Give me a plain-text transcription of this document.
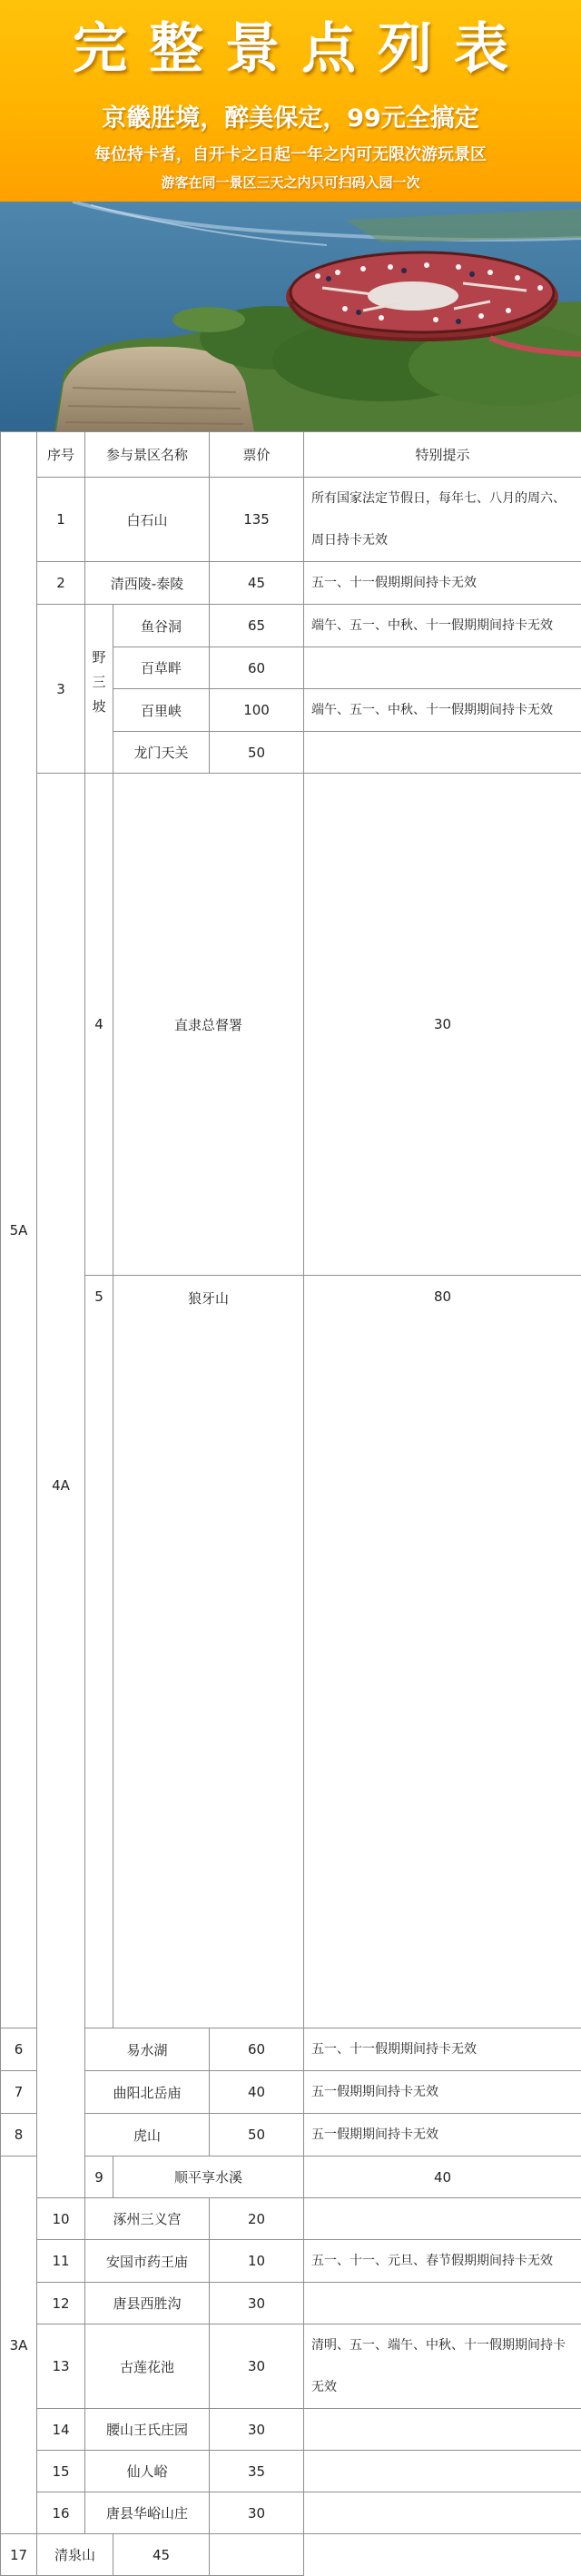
完整景点列表
京畿胜境，醉美保定，99元全搞定
每位持卡者，自开卡之日起一年之内可无限次游玩景区
游客在同一景区三天之内只可扫码入园一次
5A	序号	参与景区名称		票价	特别提示	
	1	白石山		135	所有国家法定节假日，每年七、八月的周六、周日持卡无效	
	2	清西陵-泰陵		45	五一、十一假期期间持卡无效	
	3	野三坡	鱼谷洞	65	端午、五一、中秋、十一假期期间持卡无效	
			百草畔	60		
			百里峡	100	端午、五一、中秋、十一假期期间持卡无效	
			龙门天关	50		
	4A	4	直隶总督署		30	
		5	狼牙山		80	
6		易水湖		60	五一、十一假期期间持卡无效	
7		曲阳北岳庙		40	五一假期期间持卡无效	
8		虎山		50	五一假期期间持卡无效	
3A		9	顺平享水溪		40	
	10	涿州三义宫		20		
	11	安国市药王庙		10	五一、十一、元旦、春节假期期间持卡无效	
	12	唐县西胜沟		30		
	13	古莲花池		30	清明、五一、端午、中秋、十一假期期间持卡无效	
	14	腰山王氏庄园		30		
	15	仙人峪		35		
	16	唐县华峪山庄		30		
17	清泉山		45			
